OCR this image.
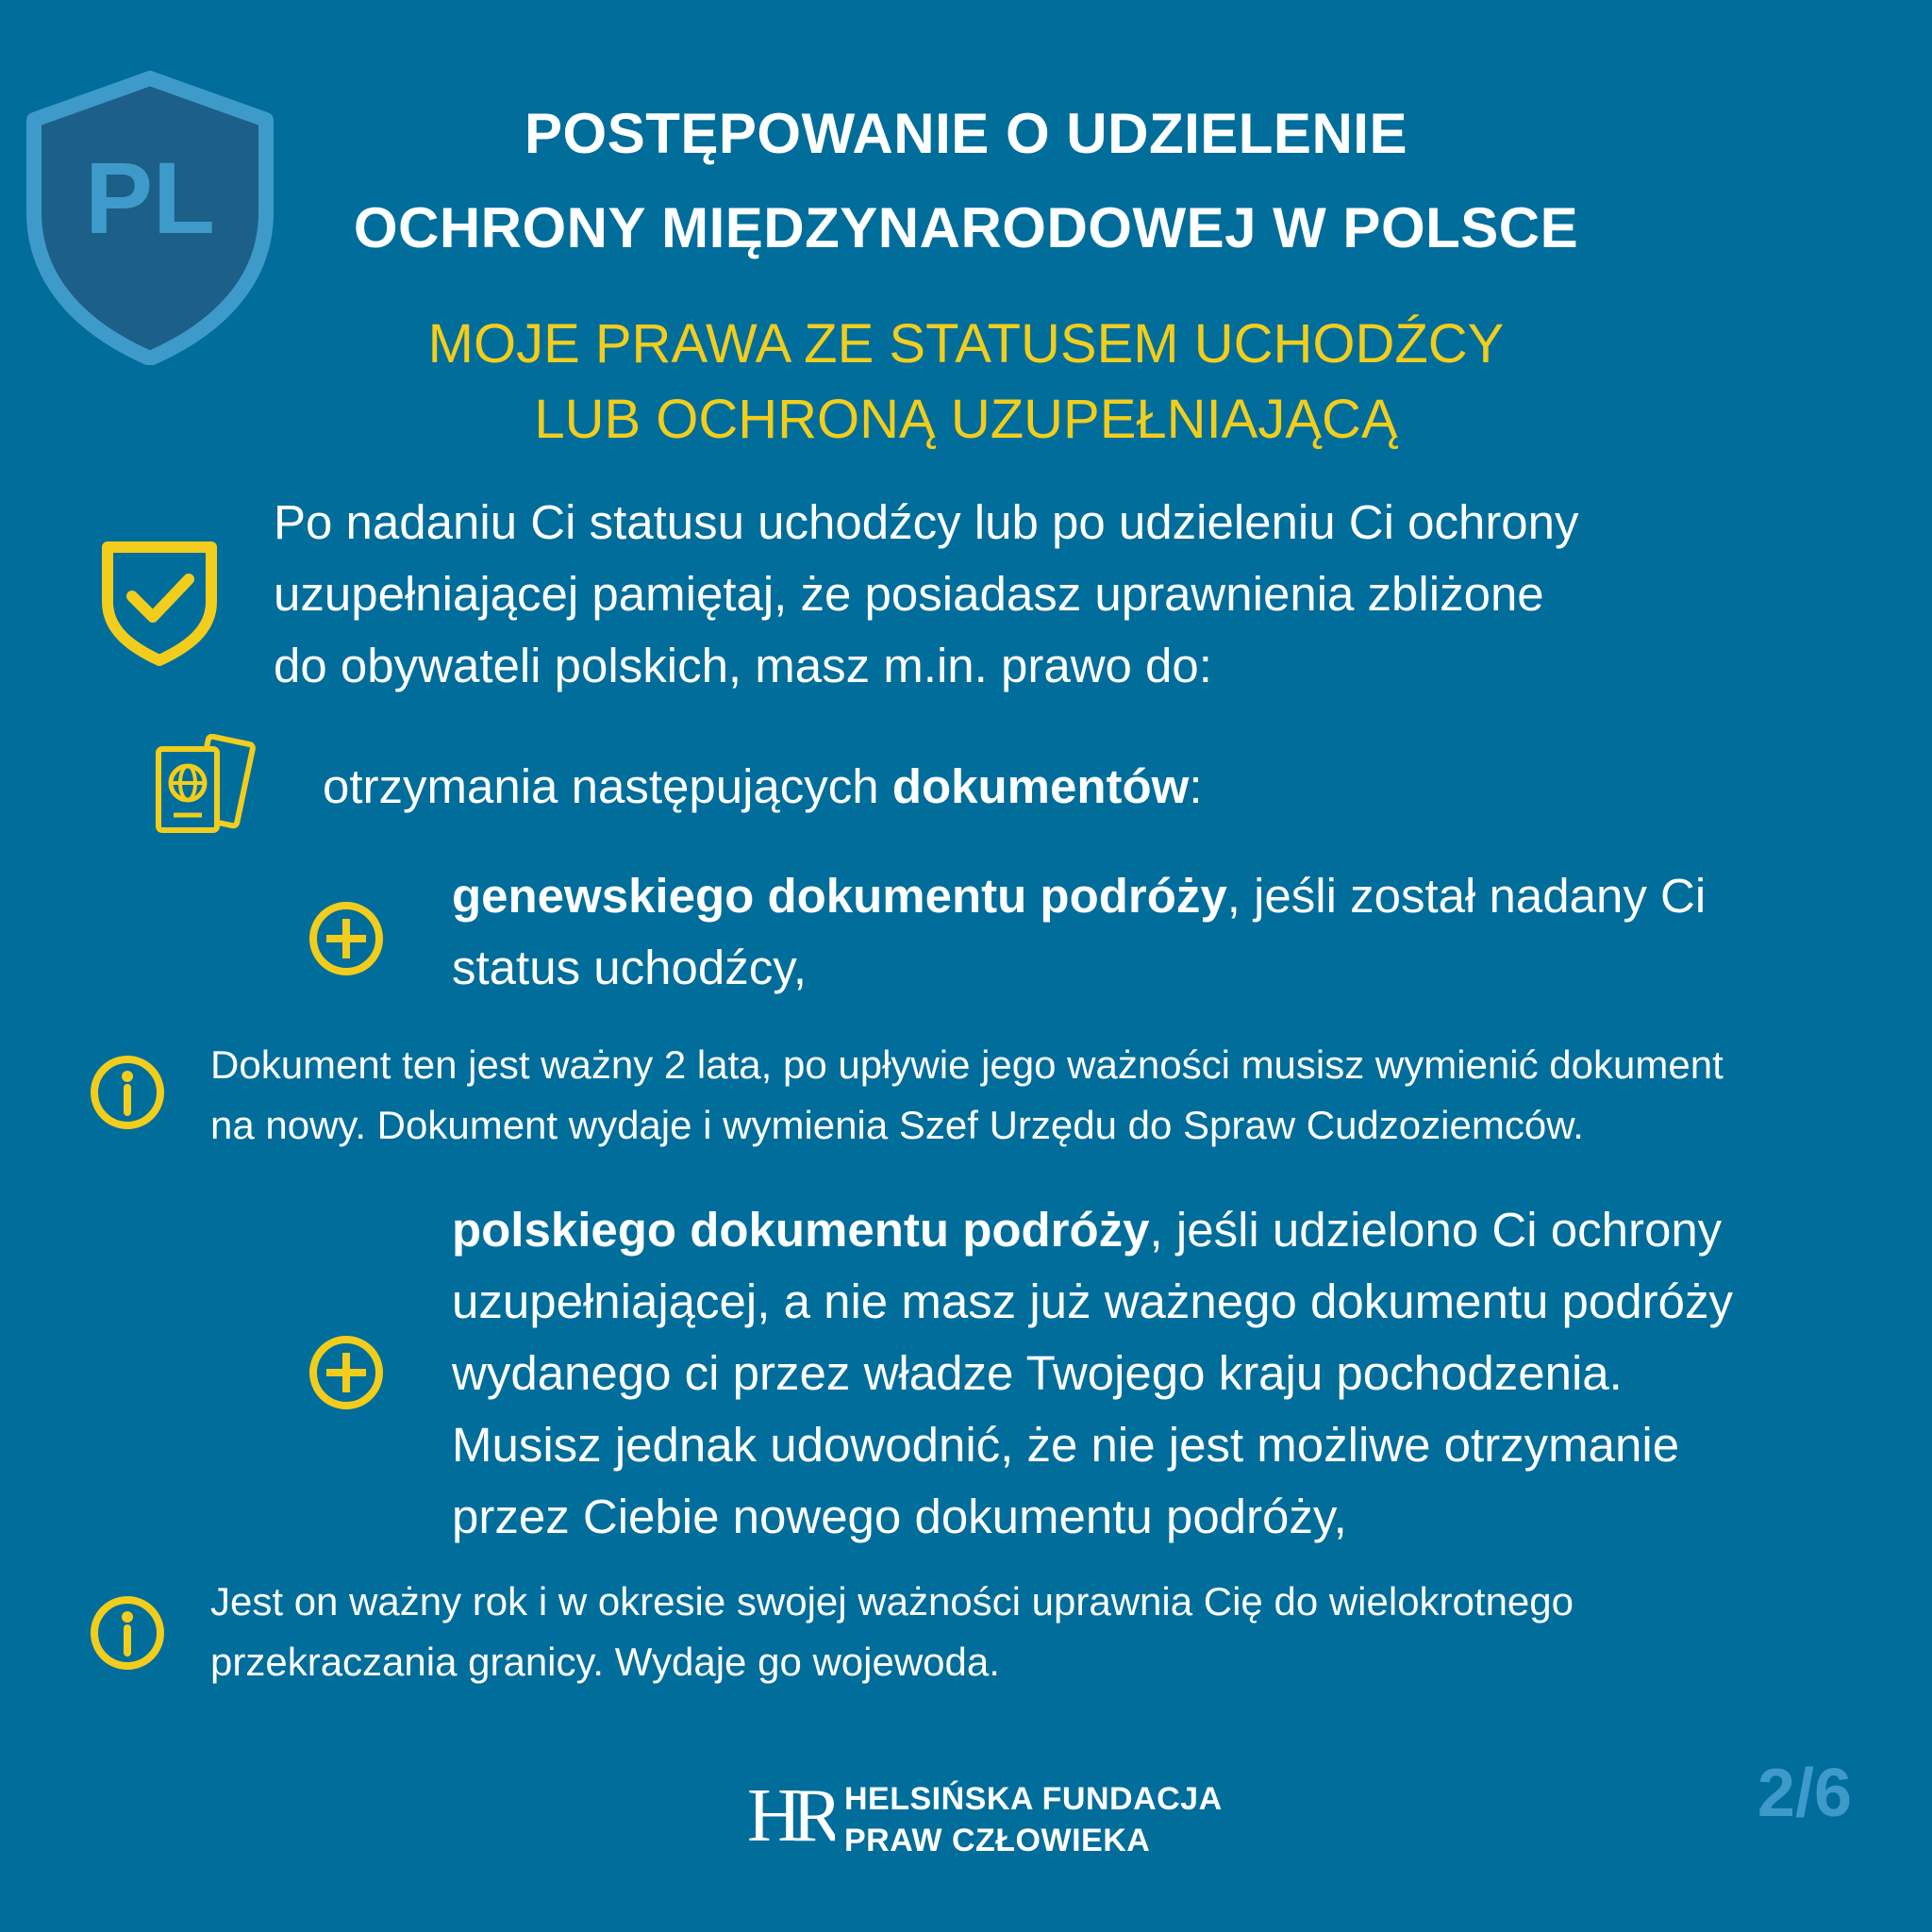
PL
POSTĘPOWANIE O UDZIELENIE
OCHRONY MIĘDZYNARODOWEJ W POLSCE
MOJE PRAWA ZE STATUSEM UCHODŹCY
LUB OCHRONĄ UZUPEŁNIAJĄCĄ
Po nadaniu Ci statusu uchodźcy lub po udzieleniu Ci ochrony
uzupełniającej pamiętaj, że posiadasz uprawnienia zbliżone
do obywateli polskich, masz m.in. prawo do:
otrzymania następujących dokumentów:
genewskiego dokumentu podróży, jeśli został nadany Ci
status uchodźcy,
Dokument ten jest ważny 2 lata, po upływie jego ważności musisz wymienić dokument
na nowy. Dokument wydaje i wymienia Szef Urzędu do Spraw Cudzoziemców.
polskiego dokumentu podróży, jeśli udzielono Ci ochrony
uzupełniającej, a nie masz już ważnego dokumentu podróży
wydanego ci przez władze Twojego kraju pochodzenia.
Musisz jednak udowodnić, że nie jest możliwe otrzymanie
przez Ciebie nowego dokumentu podróży,
Jest on ważny rok i w okresie swojej ważności uprawnia Cię do wielokrotnego
przekraczania granicy. Wydaje go wojewoda.
HR HELSIŃSKA FUNDACJA
PRAW CZŁOWIEKA
2/6
